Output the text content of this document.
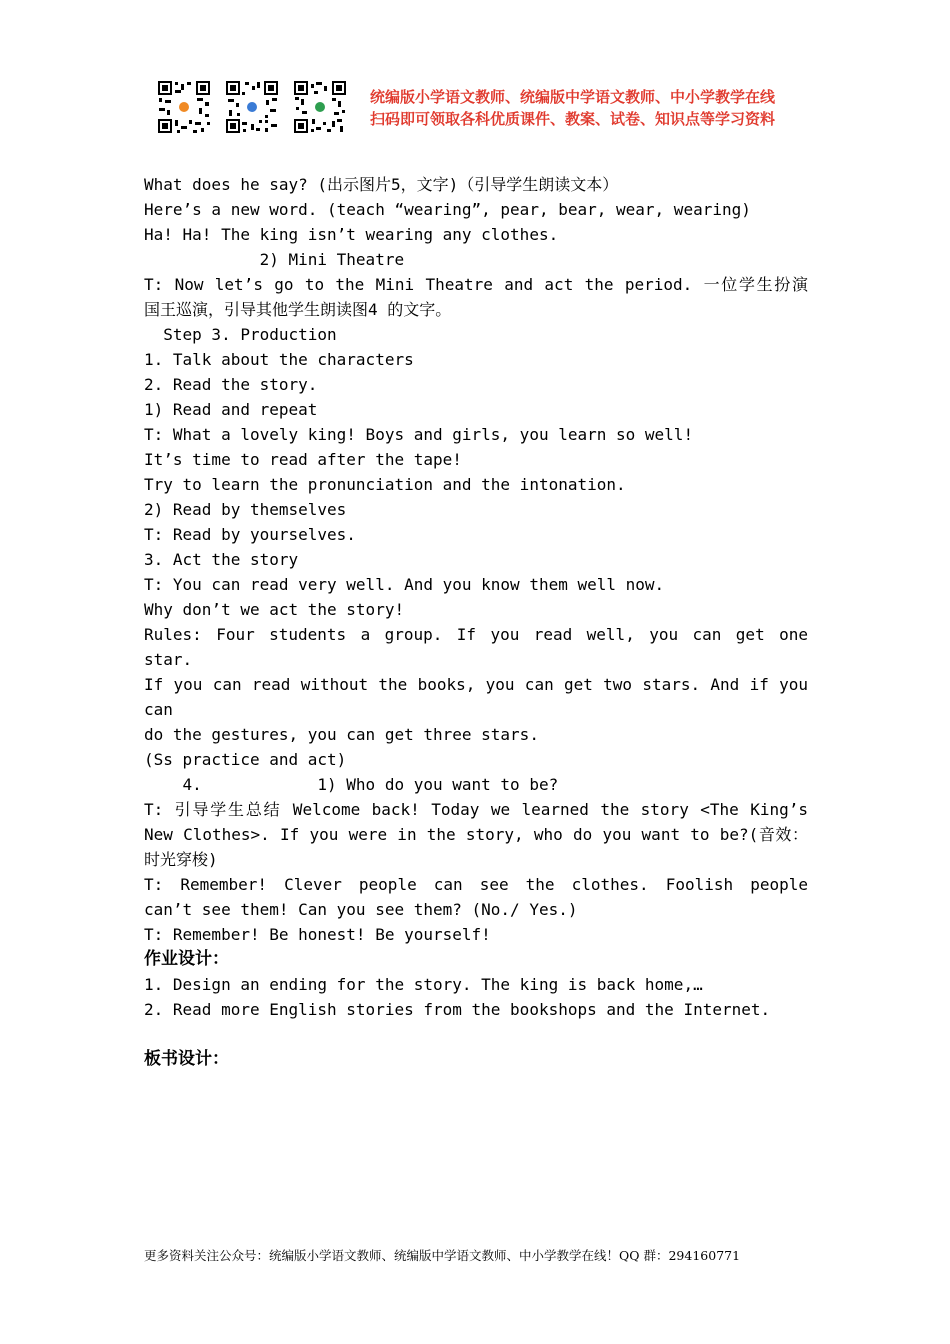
统编版小学语文教师、统编版中学语文教师、中小学教学在线
扫码即可领取各科优质课件、教案、试卷、知识点等学习资料
What does he say? (出示图片5，文字)（引导学生朗读文本）
Here’s a new word. (teach “wearing”, pear, bear, wear, wearing)
Ha! Ha! The king isn’t wearing any clothes.
2) Mini Theatre
T: Now let’s go to the Mini Theatre and act the period. 一位学生扮演
国王巡演，引导其他学生朗读图4 的文字。
Step 3. Production
1. Talk about the characters
2. Read the story.
1) Read and repeat
T: What a lovely king! Boys and girls, you learn so well!
It’s time to read after the tape!
Try to learn the pronunciation and the intonation.
2) Read by themselves
T: Read by yourselves.
3. Act the story
T: You can read very well. And you know them well now.
Why don’t we act the story!
Rules: Four students a group. If you read well, you can get one
star.
If you can read without the books, you can get two stars. And if you
can
do the gestures, you can get three stars.
(Ss practice and act)
4.            1) Who do you want to be?
T: 引导学生总结 Welcome back! Today we learned the story <The King’s
New Clothes>. If you were in the story, who do you want to be?(音效：
时光穿梭)
T: Remember! Clever people can see the clothes. Foolish people
can’t see them! Can you see them? (No./ Yes.)
T: Remember! Be honest! Be yourself!
作业设计：
1. Design an ending for the story. The king is back home,…
2. Read more English stories from the bookshops and the Internet.
板书设计：
更多资料关注公众号：统编版小学语文教师、统编版中学语文教师、中小学教学在线！QQ 群：294160771
